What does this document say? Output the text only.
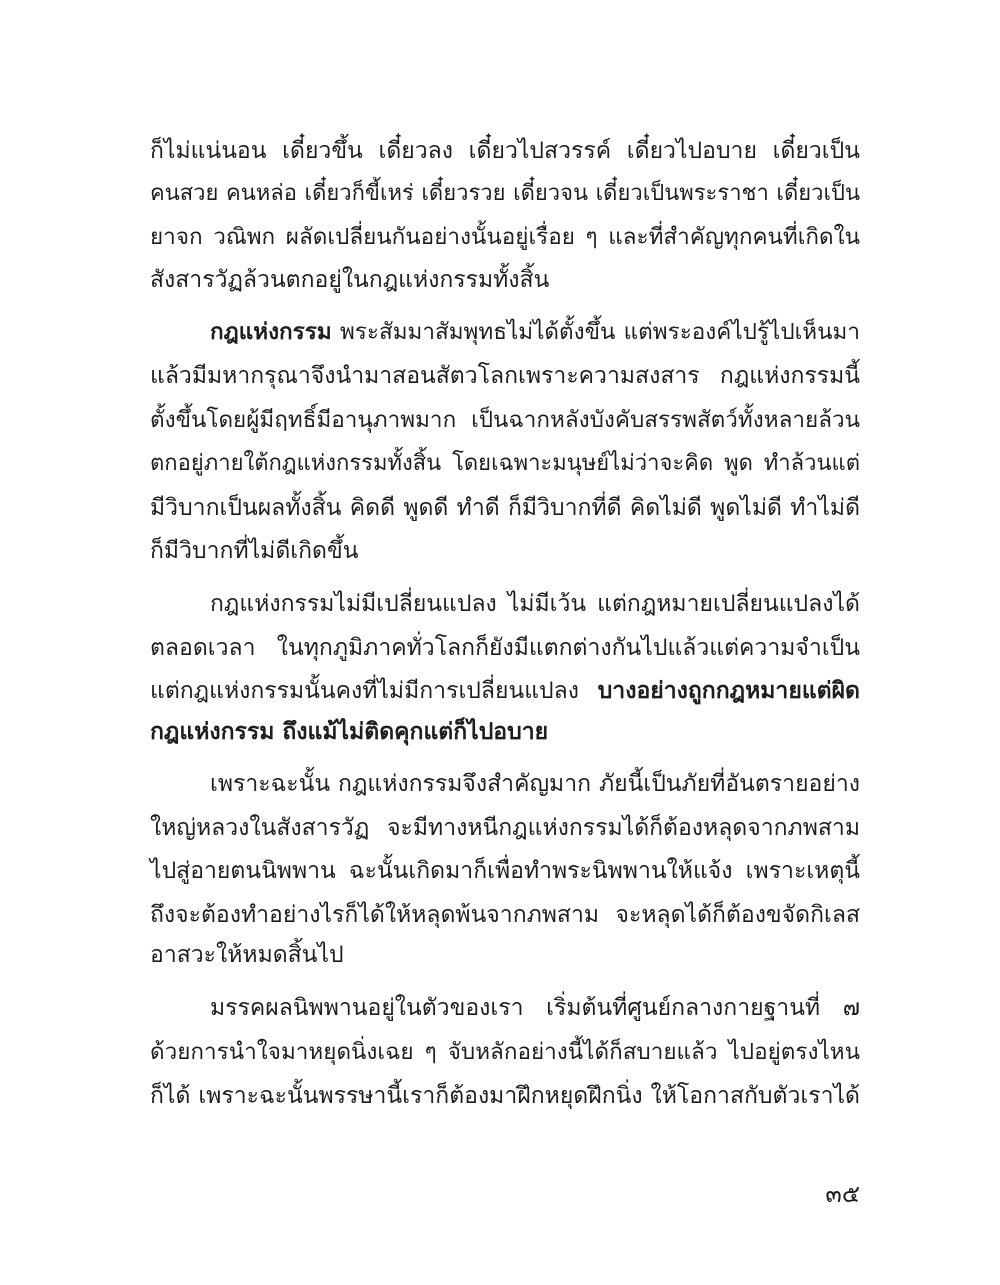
ก็ไม่แน่นอน เดี๋ยวขึ้น เดี๋ยวลง เดี๋ยวไปสวรรค์ เดี๋ยวไปอบาย เดี๋ยวเป็น
คนสวย คนหล่อ เดี๋ยวก็ขี้เหร่ เดี๋ยวรวย เดี๋ยวจน เดี๋ยวเป็นพระราชา เดี๋ยวเป็น
ยาจก วณิพก ผลัดเปลี่ยนกันอย่างนั้นอยู่เรื่อย ๆ และที่สำคัญทุกคนที่เกิดใน
สังสารวัฏล้วนตกอยู่ในกฎแห่งกรรมทั้งสิ้น
กฎแห่งกรรม พระสัมมาสัมพุทธไม่ได้ตั้งขึ้น แต่พระองค์ไปรู้ไปเห็นมา
แล้วมีมหากรุณาจึงนำมาสอนสัตวโลกเพราะความสงสาร กฎแห่งกรรมนี้
ตั้งขึ้นโดยผู้มีฤทธิ์มีอานุภาพมาก เป็นฉากหลังบังคับสรรพสัตว์ทั้งหลายล้วน
ตกอยู่ภายใต้กฎแห่งกรรมทั้งสิ้น โดยเฉพาะมนุษย์ไม่ว่าจะคิด พูด ทำล้วนแต่
มีวิบากเป็นผลทั้งสิ้น คิดดี พูดดี ทำดี ก็มีวิบากที่ดี คิดไม่ดี พูดไม่ดี ทำไม่ดี
ก็มีวิบากที่ไม่ดีเกิดขึ้น
กฎแห่งกรรมไม่มีเปลี่ยนแปลง ไม่มีเว้น แต่กฎหมายเปลี่ยนแปลงได้
ตลอดเวลา ในทุกภูมิภาคทั่วโลกก็ยังมีแตกต่างกันไปแล้วแต่ความจำเป็น
แต่กฎแห่งกรรมนั้นคงที่ไม่มีการเปลี่ยนแปลง บางอย่างถูกกฎหมายแต่ผิด
กฎแห่งกรรม ถึงแม้ไม่ติดคุกแต่ก็ไปอบาย
เพราะฉะนั้น กฎแห่งกรรมจึงสำคัญมาก ภัยนี้เป็นภัยที่อันตรายอย่าง
ใหญ่หลวงในสังสารวัฏ จะมีทางหนีกฎแห่งกรรมได้ก็ต้องหลุดจากภพสาม
ไปสู่อายตนนิพพาน ฉะนั้นเกิดมาก็เพื่อทำพระนิพพานให้แจ้ง เพราะเหตุนี้
ถึงจะต้องทำอย่างไรก็ได้ให้หลุดพ้นจากภพสาม จะหลุดได้ก็ต้องขจัดกิเลส
อาสวะให้หมดสิ้นไป
มรรคผลนิพพานอยู่ในตัวของเรา เริ่มต้นที่ศูนย์กลางกายฐานที่ ๗
ด้วยการนำใจมาหยุดนิ่งเฉย ๆ จับหลักอย่างนี้ได้ก็สบายแล้ว ไปอยู่ตรงไหน
ก็ได้ เพราะฉะนั้นพรรษานี้เราก็ต้องมาฝึกหยุดฝึกนิ่ง ให้โอกาสกับตัวเราได้
๓๕
